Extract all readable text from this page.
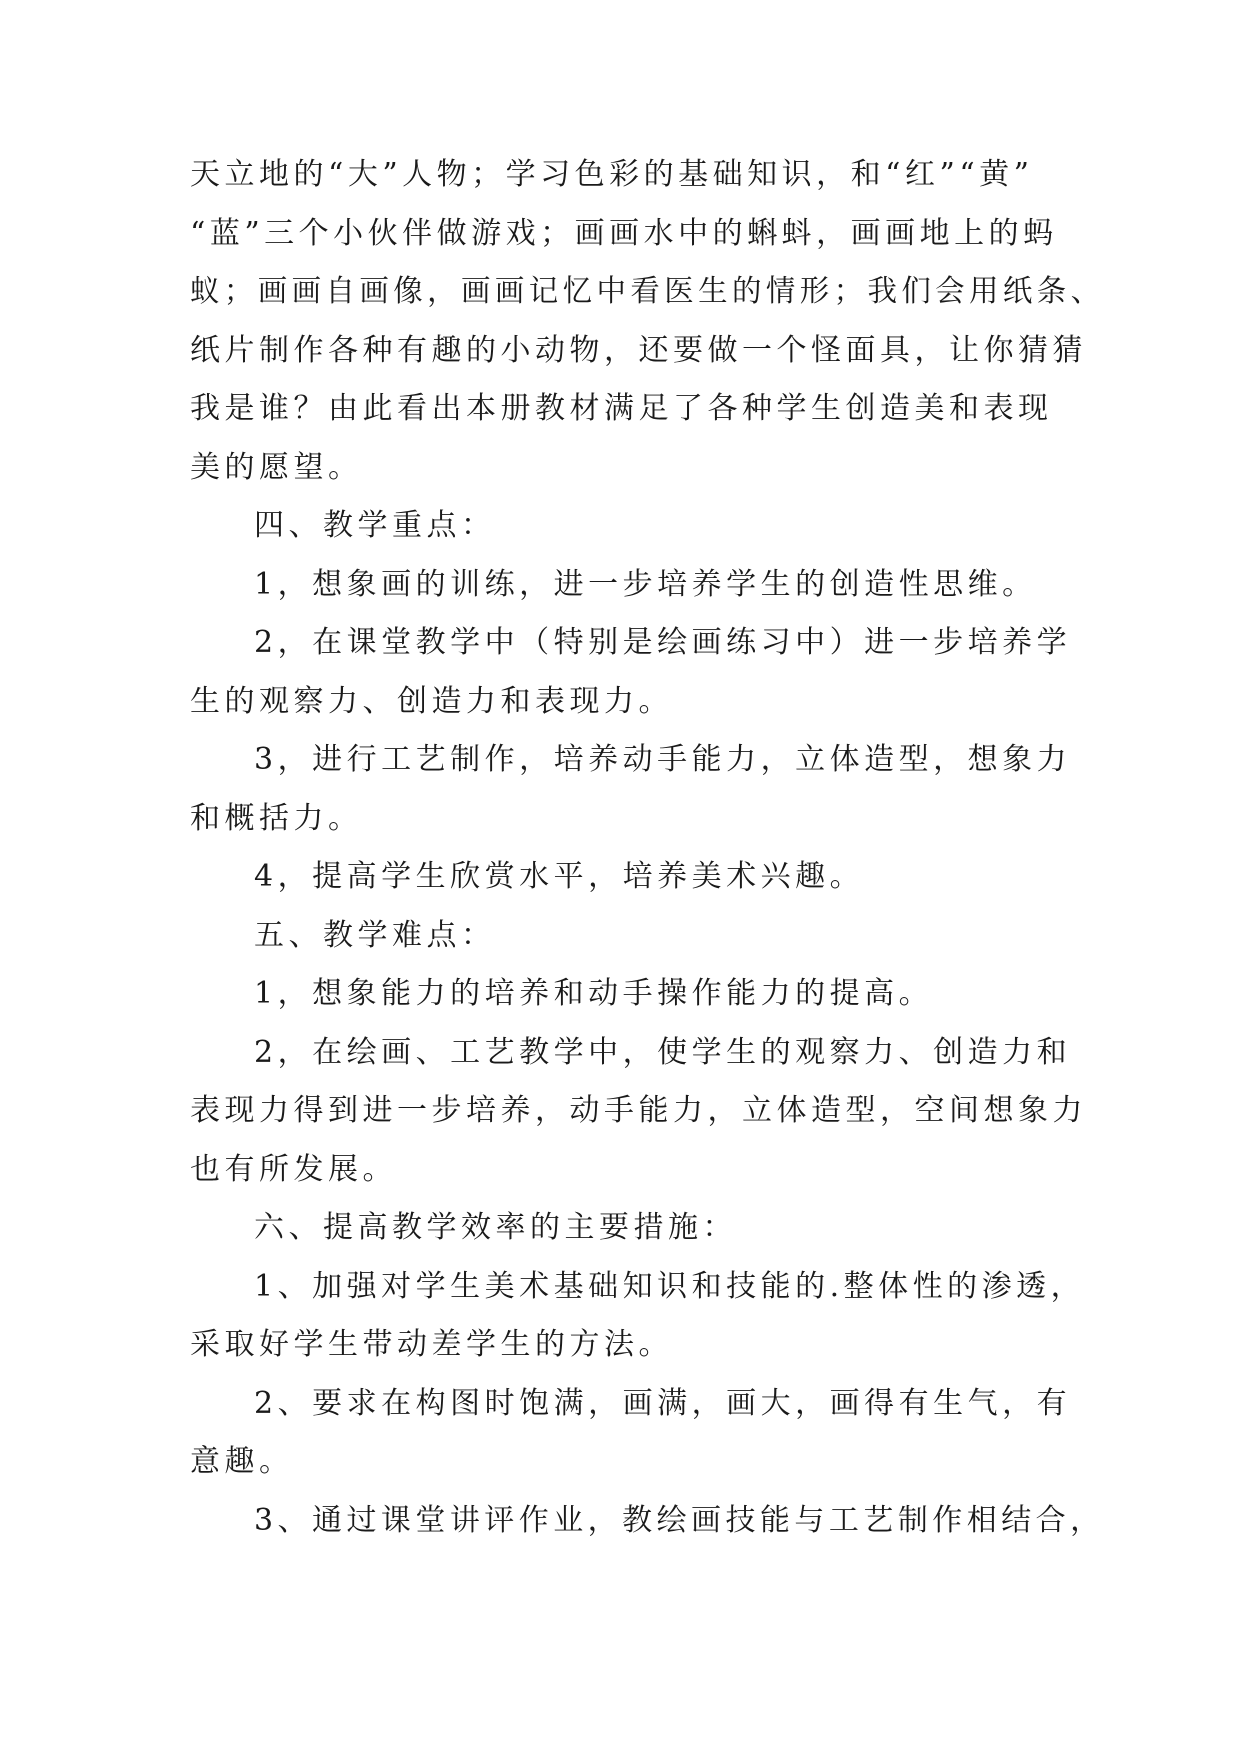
天立地的“大”人物；学习色彩的基础知识，和“红”“黄”
“蓝”三个小伙伴做游戏；画画水中的蝌蚪，画画地上的蚂
蚁；画画自画像，画画记忆中看医生的情形；我们会用纸条、
纸片制作各种有趣的小动物，还要做一个怪面具，让你猜猜
我是谁？由此看出本册教材满足了各种学生创造美和表现
美的愿望。
四、教学重点：
1，想象画的训练，进一步培养学生的创造性思维。
2，在课堂教学中（特别是绘画练习中）进一步培养学
生的观察力、创造力和表现力。
3，进行工艺制作，培养动手能力，立体造型，想象力
和概括力。
4，提高学生欣赏水平，培养美术兴趣。
五、教学难点：
1，想象能力的培养和动手操作能力的提高。
2，在绘画、工艺教学中，使学生的观察力、创造力和
表现力得到进一步培养，动手能力，立体造型，空间想象力
也有所发展。
六、提高教学效率的主要措施：
1、加强对学生美术基础知识和技能的.整体性的渗透，
采取好学生带动差学生的方法。
2、要求在构图时饱满，画满，画大，画得有生气，有
意趣。
3、通过课堂讲评作业，教绘画技能与工艺制作相结合，
